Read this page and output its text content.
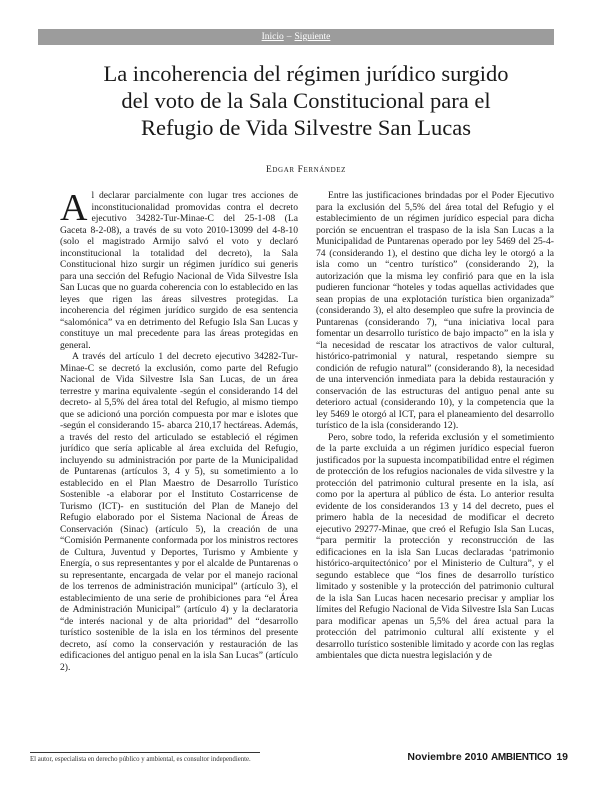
Inicio – Siguiente
La incoherencia del régimen jurídico surgido
del voto de la Sala Constitucional para el
Refugio de Vida Silvestre San Lucas
Edgar Fernández

Al declarar parcialmente con lugar tres acciones de inconstitucionalidad promovidas contra el decreto ejecutivo 34282-Tur-Minae-C del 25-1-08 (La Gaceta 8-2-08), a través de su voto 2010-13099 del 4-8-10 (solo el magistrado Armijo salvó el voto y declaró inconstitucional la totalidad del decreto), la Sala Constitucional hizo surgir un régimen jurídico sui generis para una sección del Refugio Nacional de Vida Silvestre Isla San Lucas que no guarda coherencia con lo establecido en las leyes que rigen las áreas silvestres protegidas. La incoherencia del régimen jurídico surgido de esa sentencia “salomónica” va en detrimento del Refugio Isla San Lucas y constituye un mal precedente para las áreas protegidas en general.

A través del artículo 1 del decreto ejecutivo 34282-Tur-Minae-C se decretó la exclusión, como parte del Refugio Nacional de Vida Silvestre Isla San Lucas, de un área terrestre y marina equivalente -según el considerando 14 del decreto- al 5,5% del área total del Refugio, al mismo tiempo que se adicionó una porción compuesta por mar e islotes que -según el considerando 15- abarca 210,17 hectáreas. Además, a través del resto del articulado se estableció el régimen jurídico que sería aplicable al área excluida del Refugio, incluyendo su administración por parte de la Municipalidad de Puntarenas (artículos 3, 4 y 5), su sometimiento a lo establecido en el Plan Maestro de Desarrollo Turístico Sostenible -a elaborar por el Instituto Costarricense de Turismo (ICT)- en sustitución del Plan de Manejo del Refugio elaborado por el Sistema Nacional de Áreas de Conservación (Sinac) (artículo 5), la creación de una “Comisión Permanente conformada por los ministros rectores de Cultura, Juventud y Deportes, Turismo y Ambiente y Energía, o sus representantes y por el alcalde de Puntarenas o su representante, encargada de velar por el manejo racional de los terrenos de administración municipal” (artículo 3), el establecimiento de una serie de prohibiciones para “el Área de Administración Municipal” (artículo 4) y la declaratoria “de interés nacional y de alta prioridad” del “desarrollo turístico sostenible de la isla en los términos del presente decreto, así como la conservación y restauración de las edificaciones del antiguo penal en la isla San Lucas” (artículo 2).

Entre las justificaciones brindadas por el Poder Ejecutivo para la exclusión del 5,5% del área total del Refugio y el establecimiento de un régimen jurídico especial para dicha porción se encuentran el traspaso de la isla San Lucas a la Municipalidad de Puntarenas operado por ley 5469 del 25-4-74 (considerando 1), el destino que dicha ley le otorgó a la isla como un “centro turístico” (considerando 2), la autorización que la misma ley confirió para que en la isla pudieren funcionar “hoteles y todas aquellas actividades que sean propias de una explotación turística bien organizada” (considerando 3), el alto desempleo que sufre la provincia de Puntarenas (considerando 7), “una iniciativa local para fomentar un desarrollo turístico de bajo impacto” en la isla y “la necesidad de rescatar los atractivos de valor cultural, histórico-patrimonial y natural, respetando siempre su condición de refugio natural” (considerando 8), la necesidad de una intervención inmediata para la debida restauración y conservación de las estructuras del antiguo penal ante su deterioro actual (considerando 10), y la competencia que la ley 5469 le otorgó al ICT, para el planeamiento del desarrollo turístico de la isla (considerando 12).

Pero, sobre todo, la referida exclusión y el sometimiento de la parte excluida a un régimen jurídico especial fueron justificados por la supuesta incompatibilidad entre el régimen de protección de los refugios nacionales de vida silvestre y la protección del patrimonio cultural presente en la isla, así como por la apertura al público de ésta. Lo anterior resulta evidente de los considerandos 13 y 14 del decreto, pues el primero habla de la necesidad de modificar el decreto ejecutivo 29277-Minae, que creó el Refugio Isla San Lucas, “para permitir la protección y reconstrucción de las edificaciones en la isla San Lucas declaradas ‘patrimonio histórico-arquitectónico’ por el Ministerio de Cultura”, y el segundo establece que “los fines de desarrollo turístico limitado y sostenible y la protección del patrimonio cultural de la isla San Lucas hacen necesario precisar y ampliar los límites del Refugio Nacional de Vida Silvestre Isla San Lucas para modificar apenas un 5,5% del área actual para la protección del patrimonio cultural allí existente y el desarrollo turístico sostenible limitado y acorde con las reglas ambientales que dicta nuestra legislación y de

El autor, especialista en derecho público y ambiental, es consultor independiente.	Noviembre 2010 AMBIENTICO 19
